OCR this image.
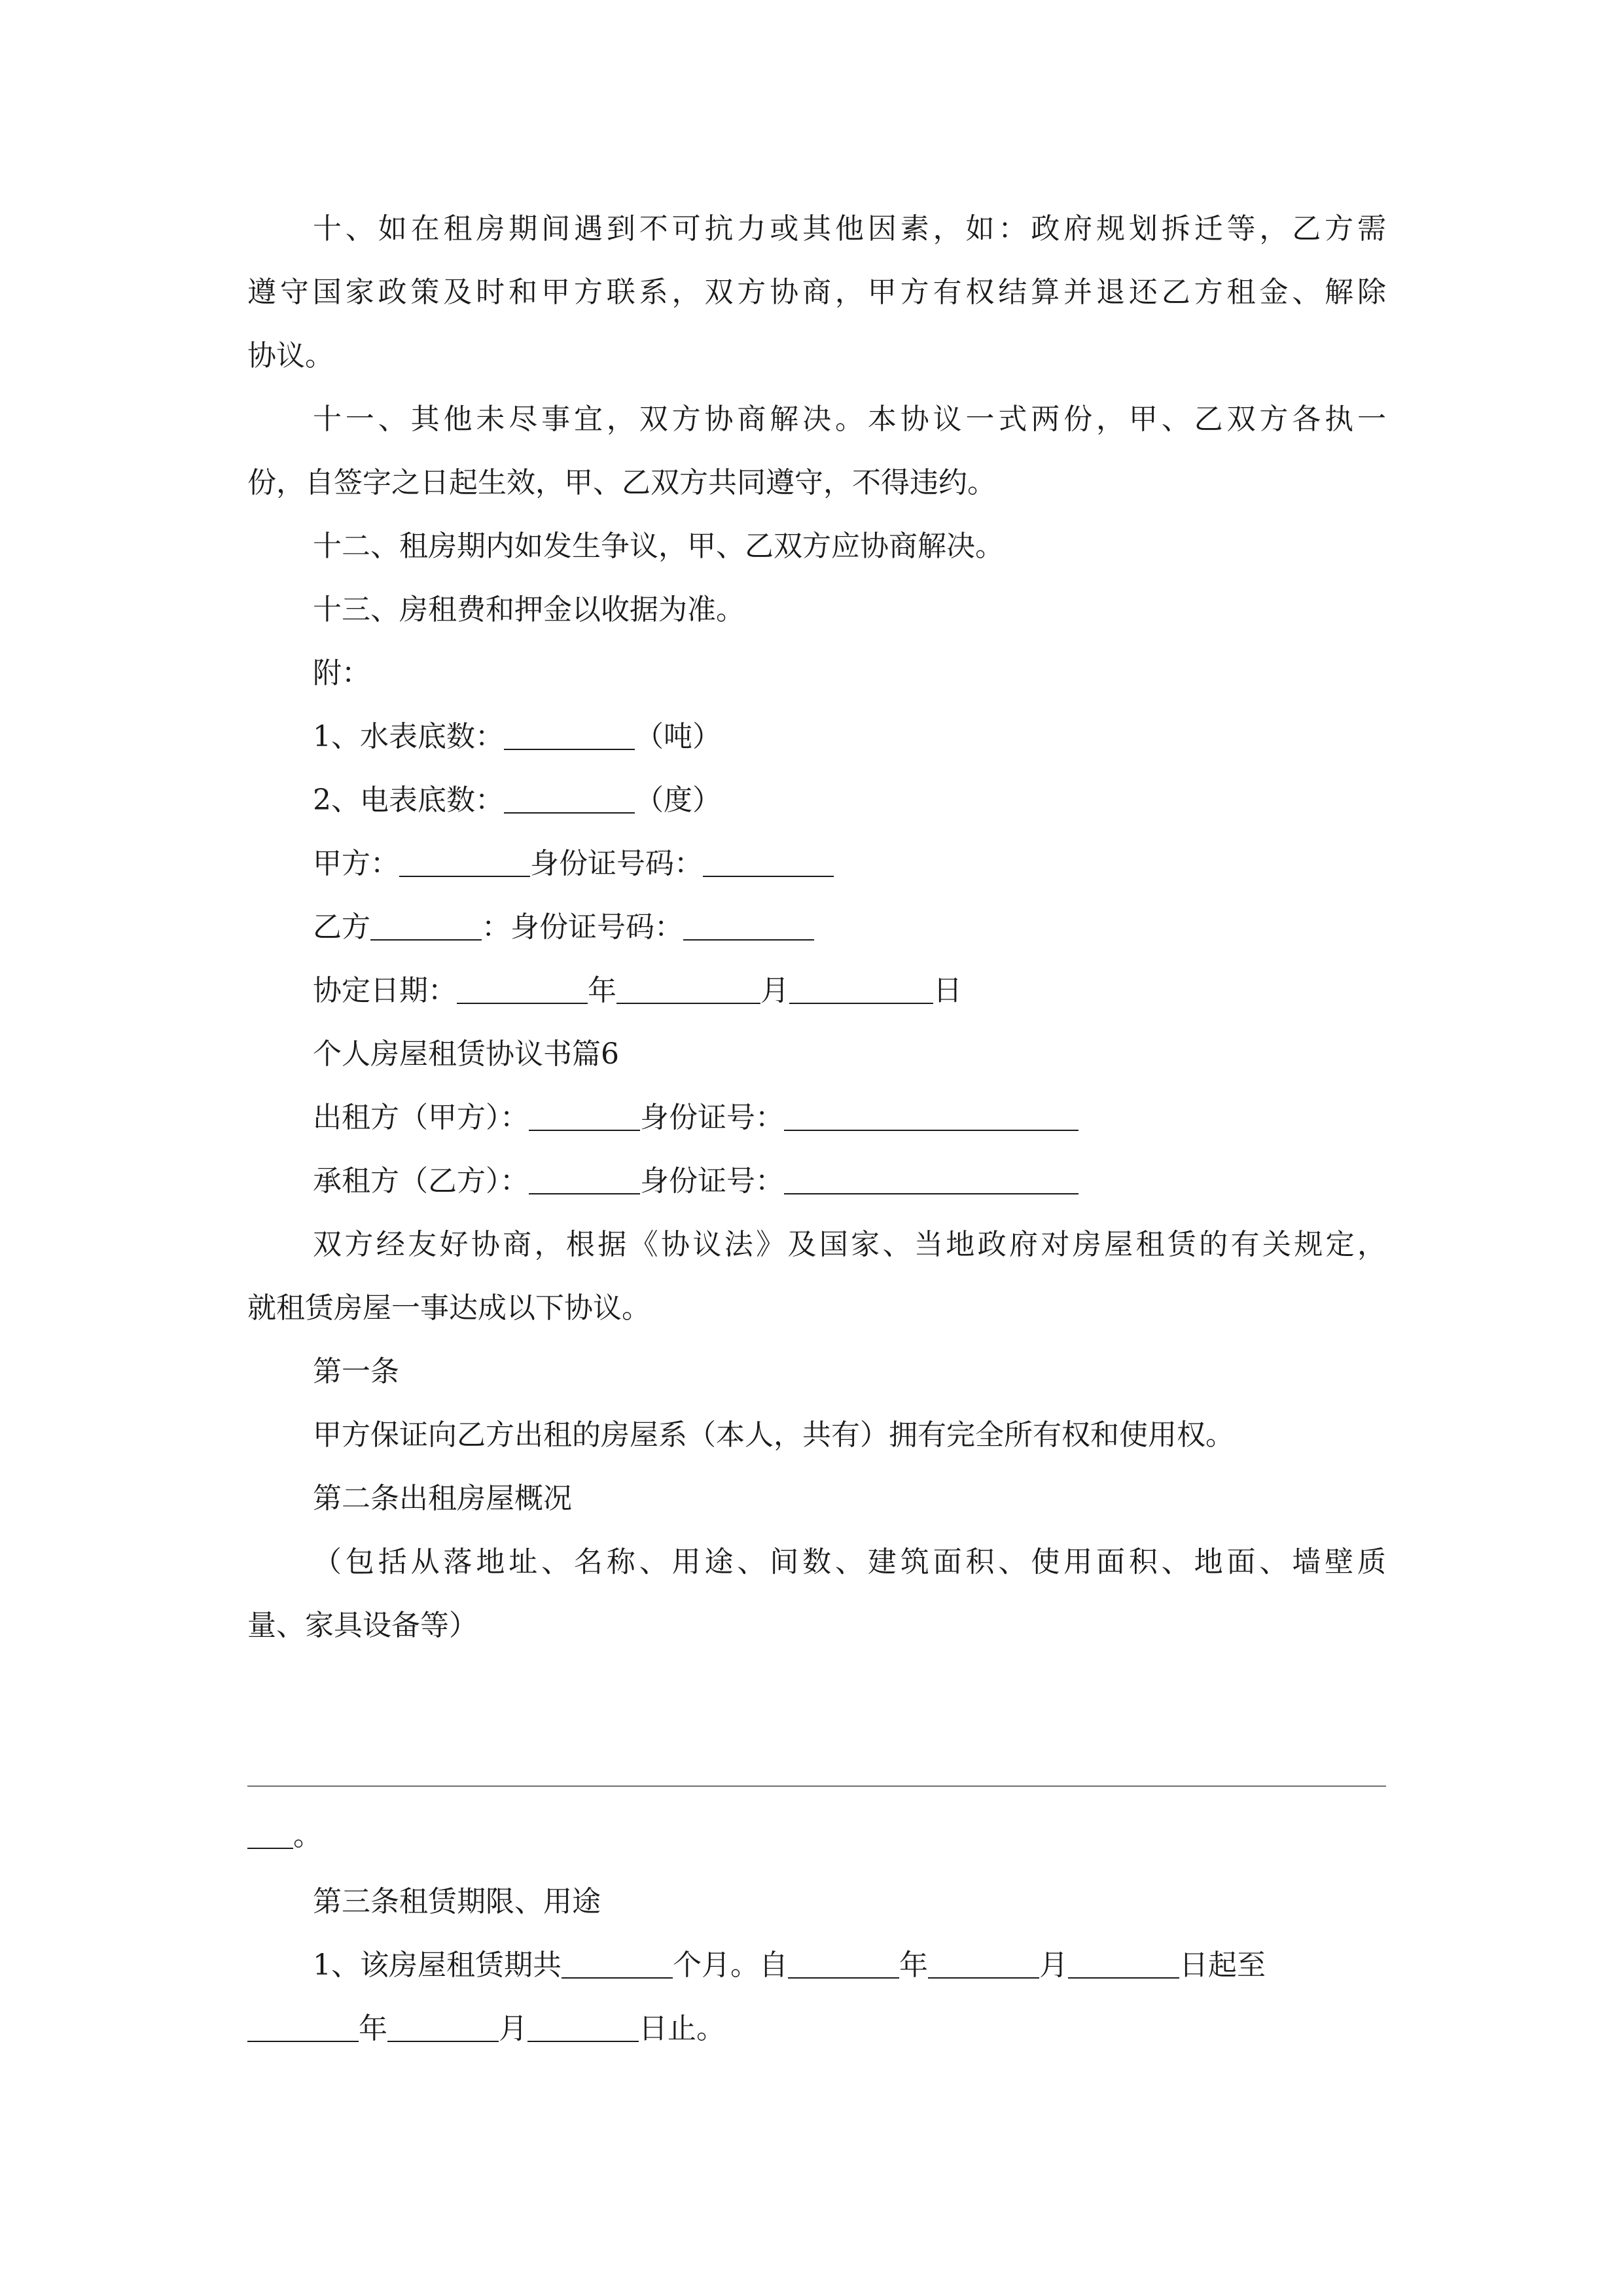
十、如在租房期间遇到不可抗力或其他因素，如：政府规划拆迁等，乙方需
遵守国家政策及时和甲方联系，双方协商，甲方有权结算并退还乙方租金、解除
协议。
十一、其他未尽事宜，双方协商解决。本协议一式两份，甲、乙双方各执一
份，自签字之日起生效，甲、乙双方共同遵守，不得违约。
十二、租房期内如发生争议，甲、乙双方应协商解决。
十三、房租费和押金以收据为准。
附：
1、水表底数：	（吨）
2、电表底数：	（度）
甲方：	身份证号码：
乙方	：身份证号码：
协定日期：	年	月	日
个人房屋租赁协议书篇6
出租方（甲方）：	身份证号：
承租方（乙方）：	身份证号：
双方经友好协商，根据《协议法》及国家、当地政府对房屋租赁的有关规定，
就租赁房屋一事达成以下协议。
第一条
甲方保证向乙方出租的房屋系（本人，共有）拥有完全所有权和使用权。
第二条出租房屋概况
（包括从落地址、名称、用途、间数、建筑面积、使用面积、地面、墙壁质
量、家具设备等）
。
第三条租赁期限、用途
1、该房屋租赁期共	个月。自	年	月	日起至
年	月	日止。
